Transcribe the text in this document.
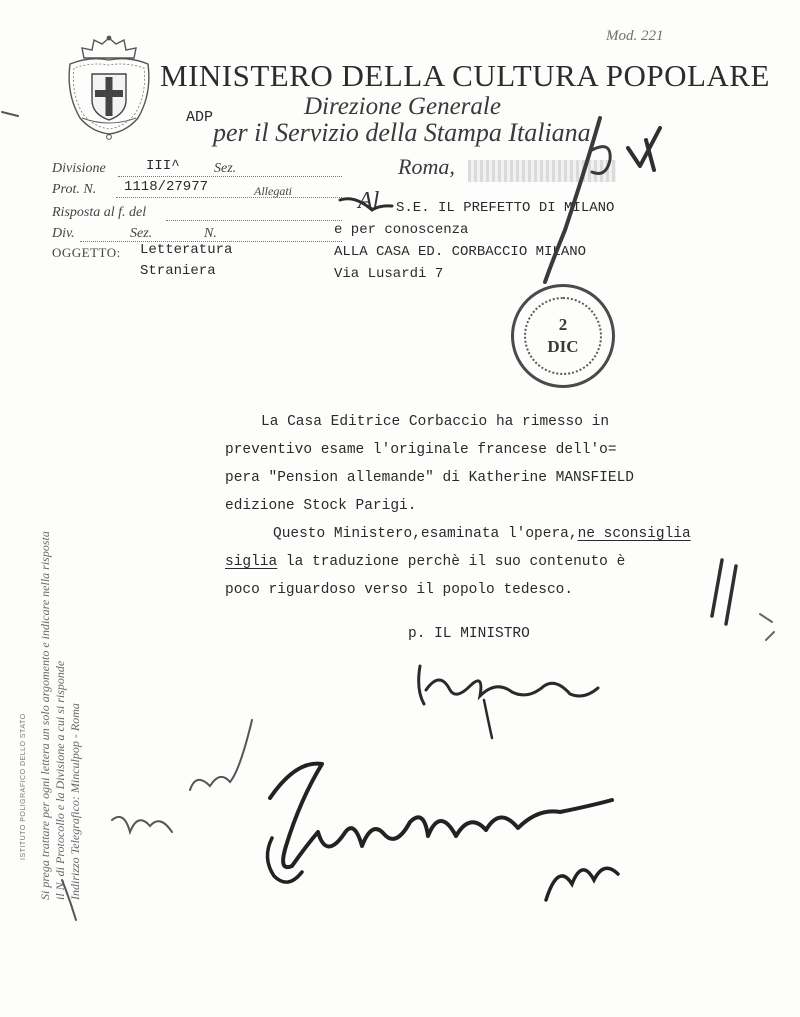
Mod. 221
MINISTERO DELLA CULTURA POPOLARE
ADP	Direzione Generale
per il Servizio della Stampa Italiana
Divisione	III^ Sez.
Prot. N. 1118/27977	Allegati
Risposta al f. del
Div.	Sez.	N.
OGGETTO: Letteratura
Straniera
Roma,
Al S.E. IL PREFETTO DI MILANO
e per conoscenza
ALLA CASA ED. CORBACCIO MILANO
Via Lusardi 7
2
DIC
La Casa Editrice Corbaccio ha rimesso in
preventivo esame l'originale francese dell'o=
pera "Pension allemande" di Katherine MANSFIELD
edizione Stock Parigi.
Questo Ministero,esaminata l'opera,ne sconsiglia
siglia la traduzione perchè il suo contenuto è
poco riguardoso verso il popolo tedesco.
p. IL MINISTRO
Si prega trattare per ogni lettera un solo argomento e indicare nella risposta il N. di Protocollo e la Divisione a cui si risponde Indirizzo Telegrafico: Minculpop - Roma
ISTITUTO POLIGRAFICO DELLO STATO
